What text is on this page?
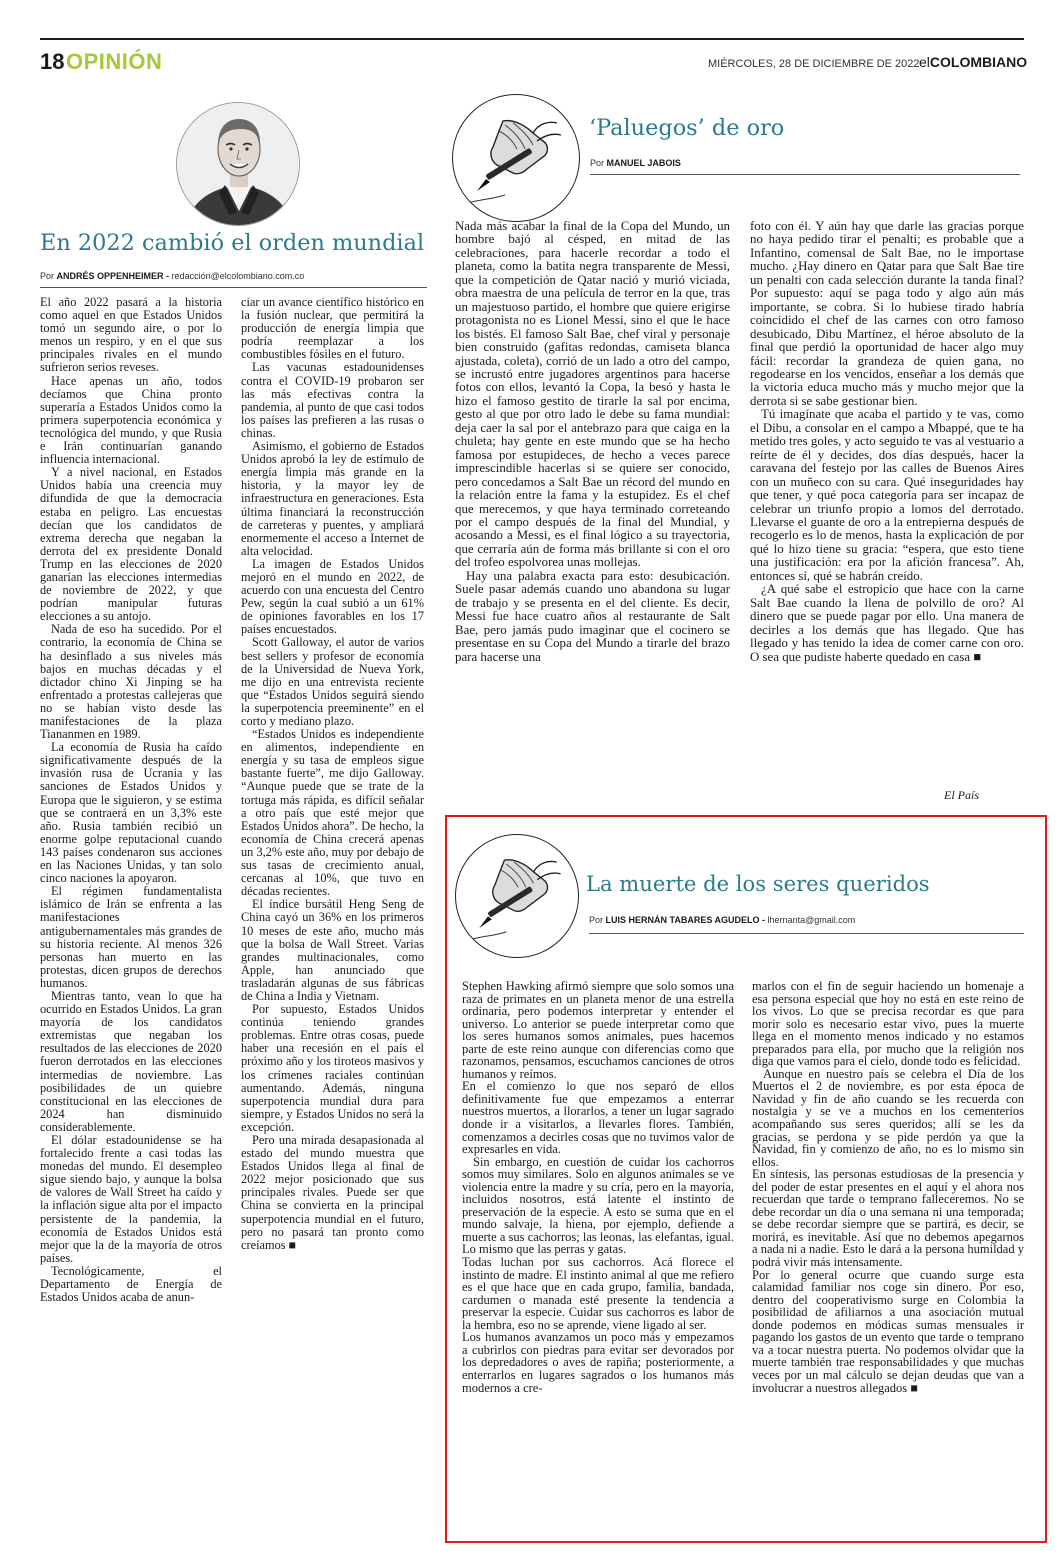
18 OPINIÓN	MIÉRCOLES, 28 DE DICIEMBRE DE 2022 elCOLOMBIANO
En 2022 cambió el orden mundial
Por ANDRÉS OPPENHEIMER - redacción@elcolombiano.com.co

El año 2022 pasará a la historia como aquel en que Estados Unidos tomó un segundo aire, o por lo menos un respiro, y en el que sus principales rivales en el mundo sufrieron serios reveses.

Hace apenas un año, todos decíamos que China pronto superaría a Estados Unidos como la primera superpotencia económica y tecnológica del mundo, y que Rusia e Irán continuarían ganando influencia internacional.

Y a nivel nacional, en Estados Unidos había una creencia muy difundida de que la democracia estaba en peligro. Las encuestas decían que los candidatos de extrema derecha que negaban la derrota del ex presidente Donald Trump en las elecciones de 2020 ganarían las elecciones intermedias de noviembre de 2022, y que podrían manipular futuras elecciones a su antojo.

Nada de eso ha sucedido. Por el contrario, la economía de China se ha desinflado a sus niveles más bajos en muchas décadas y el dictador chino Xi Jinping se ha enfrentado a protestas callejeras que no se habían visto desde las manifestaciones de la plaza Tiananmen en 1989.

La economía de Rusia ha caído significativamente después de la invasión rusa de Ucrania y las sanciones de Estados Unidos y Europa que le siguieron, y se estima que se contraerá en un 3,3% este año. Rusia también recibió un enorme golpe reputacional cuando 143 países condenaron sus acciones en las Naciones Unidas, y tan solo cinco naciones la apoyaron.

El régimen fundamentalista islámico de Irán se enfrenta a las manifestaciones antigubernamentales más grandes de su historia reciente. Al menos 326 personas han muerto en las protestas, dicen grupos de derechos humanos.

Mientras tanto, vean lo que ha ocurrido en Estados Unidos. La gran mayoría de los candidatos extremistas que negaban los resultados de las elecciones de 2020 fueron derrotados en las elecciones intermedias de noviembre. Las posibilidades de un quiebre constitucional en las elecciones de 2024 han disminuido considerablemente.

El dólar estadounidense se ha fortalecido frente a casi todas las monedas del mundo. El desempleo sigue siendo bajo, y aunque la bolsa de valores de Wall Street ha caído y la inflación sigue alta por el impacto persistente de la pandemia, la economía de Estados Unidos está mejor que la de la mayoría de otros países.

Tecnológicamente, el Departamento de Energía de Estados Unidos acaba de anun-

ciar un avance científico histórico en la fusión nuclear, que permitirá la producción de energía limpia que podría reemplazar a los combustibles fósiles en el futuro.

Las vacunas estadounidenses contra el COVID-19 probaron ser las más efectivas contra la pandemia, al punto de que casi todos los países las prefieren a las rusas o chinas.

Asimismo, el gobierno de Estados Unidos aprobó la ley de estímulo de energía limpia más grande en la historia, y la mayor ley de infraestructura en generaciones. Esta última financiará la reconstrucción de carreteras y puentes, y ampliará enormemente el acceso a Internet de alta velocidad.

La imagen de Estados Unidos mejoró en el mundo en 2022, de acuerdo con una encuesta del Centro Pew, según la cual subió a un 61% de opiniones favorables en los 17 países encuestados.

Scott Galloway, el autor de varios best sellers y profesor de economía de la Universidad de Nueva York, me dijo en una entrevista reciente que “Estados Unidos seguirá siendo la superpotencia preeminente” en el corto y mediano plazo.

“Estados Unidos es independiente en alimentos, independiente en energía y su tasa de empleos sigue bastante fuerte”, me dijo Galloway. “Aunque puede que se trate de la tortuga más rápida, es difícil señalar a otro país que esté mejor que Estados Unidos ahora”. De hecho, la economía de China crecerá apenas un 3,2% este año, muy por debajo de sus tasas de crecimiento anual, cercanas al 10%, que tuvo en décadas recientes.

El índice bursátil Heng Seng de China cayó un 36% en los primeros 10 meses de este año, mucho más que la bolsa de Wall Street. Varias grandes multinacionales, como Apple, han anunciado que trasladarán algunas de sus fábricas de China a India y Vietnam.

Por supuesto, Estados Unidos continúa teniendo grandes problemas. Entre otras cosas, puede haber una recesión en el país el próximo año y los tiroteos masivos y los crímenes raciales continúan aumentando. Además, ninguna superpotencia mundial dura para siempre, y Estados Unidos no será la excepción.

Pero una mirada desapasionada al estado del mundo muestra que Estados Unidos llega al final de 2022 mejor posicionado que sus principales rivales. Puede ser que China se convierta en la principal superpotencia mundial en el futuro, pero no pasará tan pronto como creíamos ■

‘Paluegos’ de oro
Por MANUEL JABOIS

Nada más acabar la final de la Copa del Mundo, un hombre bajó al césped, en mitad de las celebraciones, para hacerle recordar a todo el planeta, como la batita negra transparente de Messi, que la competición de Qatar nació y murió viciada, obra maestra de una película de terror en la que, tras un majestuoso partido, el hombre que quiere erigirse protagonista no es Lionel Messi, sino el que le hace los bistés. El famoso Salt Bae, chef viral y personaje bien construido (gafitas redondas, camiseta blanca ajustada, coleta), corrió de un lado a otro del campo, se incrustó entre jugadores argentinos para hacerse fotos con ellos, levantó la Copa, la besó y hasta le hizo el famoso gestito de tirarle la sal por encima, gesto al que por otro lado le debe su fama mundial: deja caer la sal por el antebrazo para que caiga en la chuleta; hay gente en este mundo que se ha hecho famosa por estupideces, de hecho a veces parece imprescindible hacerlas si se quiere ser conocido, pero concedamos a Salt Bae un récord del mundo en la relación entre la fama y la estupidez. Es el chef que merecemos, y que haya terminado correteando por el campo después de la final del Mundial, y acosando a Messi, es el final lógico a su trayectoria, que cerraría aún de forma más brillante si con el oro del trofeo espolvorea unas mollejas.

Hay una palabra exacta para esto: desubicación. Suele pasar además cuando uno abandona su lugar de trabajo y se presenta en el del cliente. Es decir, Messi fue hace cuatro años al restaurante de Salt Bae, pero jamás pudo imaginar que el cocinero se presentase en su Copa del Mundo a tirarle del brazo para hacerse una

foto con él. Y aún hay que darle las gracias porque no haya pedido tirar el penalti; es probable que a Infantino, comensal de Salt Bae, no le importase mucho. ¿Hay dinero en Qatar para que Salt Bae tire un penalti con cada selección durante la tanda final? Por supuesto: aquí se paga todo y algo aún más importante, se cobra. Si lo hubiese tirado habría coincidido el chef de las carnes con otro famoso desubicado, Dibu Martínez, el héroe absoluto de la final que perdió la oportunidad de hacer algo muy fácil: recordar la grandeza de quien gana, no regodearse en los vencidos, enseñar a los demás que la victoria educa mucho más y mucho mejor que la derrota si se sabe gestionar bien.

Tú imagínate que acaba el partido y te vas, como el Dibu, a consolar en el campo a Mbappé, que te ha metido tres goles, y acto seguido te vas al vestuario a reírte de él y decides, dos días después, hacer la caravana del festejo por las calles de Buenos Aires con un muñeco con su cara. Qué inseguridades hay que tener, y qué poca categoría para ser incapaz de celebrar un triunfo propio a lomos del derrotado. Llevarse el guante de oro a la entrepierna después de recogerlo es lo de menos, hasta la explicación de por qué lo hizo tiene su gracia: “espera, que esto tiene una justificación: era por la afición francesa”. Ah, entonces sí, qué se habrán creído.

¿A qué sabe el estropicio que hace con la carne Salt Bae cuando la llena de polvillo de oro? Al dinero que se puede pagar por ello. Una manera de decirles a los demás que has llegado. Que has llegado y has tenido la idea de comer carne con oro. O sea que pudiste haberte quedado en casa ■

El País
La muerte de los seres queridos
Por LUIS HERNÁN TABARES AGUDELO - lhernanta@gmail.com

Stephen Hawking afirmó siempre que solo somos una raza de primates en un planeta menor de una estrella ordinaria, pero podemos interpretar y entender el universo. Lo anterior se puede interpretar como que los seres humanos somos animales, pues hacemos parte de este reino aunque con diferencias como que razonamos, pensamos, escuchamos canciones de otros humanos y reímos.

En el comienzo lo que nos separó de ellos definitivamente fue que empezamos a enterrar nuestros muertos, a llorarlos, a tener un lugar sagrado donde ir a visitarlos, a llevarles flores. También, comenzamos a decirles cosas que no tuvimos valor de expresarles en vida.

Sin embargo, en cuestión de cuidar los cachorros somos muy similares. Solo en algunos animales se ve violencia entre la madre y su cría, pero en la mayoría, incluidos nosotros, está latente el instinto de preservación de la especie. A esto se suma que en el mundo salvaje, la hiena, por ejemplo, defiende a muerte a sus cachorros; las leonas, las elefantas, igual. Lo mismo que las perras y gatas.

Todas luchan por sus cachorros. Acá florece el instinto de madre. El instinto animal al que me refiero es el que hace que en cada grupo, familia, bandada, cardumen o manada esté presente la tendencia a preservar la especie. Cuidar sus cachorros es labor de la hembra, eso no se aprende, viene ligado al ser.

Los humanos avanzamos un poco más y empezamos a cubrirlos con piedras para evitar ser devorados por los depredadores o aves de rapiña; posteriormente, a enterrarlos en lugares sagrados o los humanos más modernos a cre-

marlos con el fin de seguir haciendo un homenaje a esa persona especial que hoy no está en este reino de los vivos. Lo que se precisa recordar es que para morir solo es necesario estar vivo, pues la muerte llega en el momento menos indicado y no estamos preparados para ella, por mucho que la religión nos diga que vamos para el cielo, donde todo es felicidad.

Aunque en nuestro país se celebra el Día de los Muertos el 2 de noviembre, es por esta época de Navidad y fin de año cuando se les recuerda con nostalgia y se ve a muchos en los cementerios acompañando sus seres queridos; allí se les da gracias, se perdona y se pide perdón ya que la Navidad, fin y comienzo de año, no es lo mismo sin ellos.

En síntesis, las personas estudiosas de la presencia y del poder de estar presentes en el aquí y el ahora nos recuerdan que tarde o temprano falleceremos. No se debe recordar un día o una semana ni una temporada; se debe recordar siempre que se partirá, es decir, se morirá, es inevitable. Así que no debemos apegarnos a nada ni a nadie. Esto le dará a la persona humildad y podrá vivir más intensamente.

Por lo general ocurre que cuando surge esta calamidad familiar nos coge sin dinero. Por eso, dentro del cooperativismo surge en Colombia la posibilidad de afiliarnos a una asociación mutual donde podemos en módicas sumas mensuales ir pagando los gastos de un evento que tarde o temprano va a tocar nuestra puerta. No podemos olvidar que la muerte también trae responsabilidades y que muchas veces por un mal cálculo se dejan deudas que van a involucrar a nuestros allegados ■
